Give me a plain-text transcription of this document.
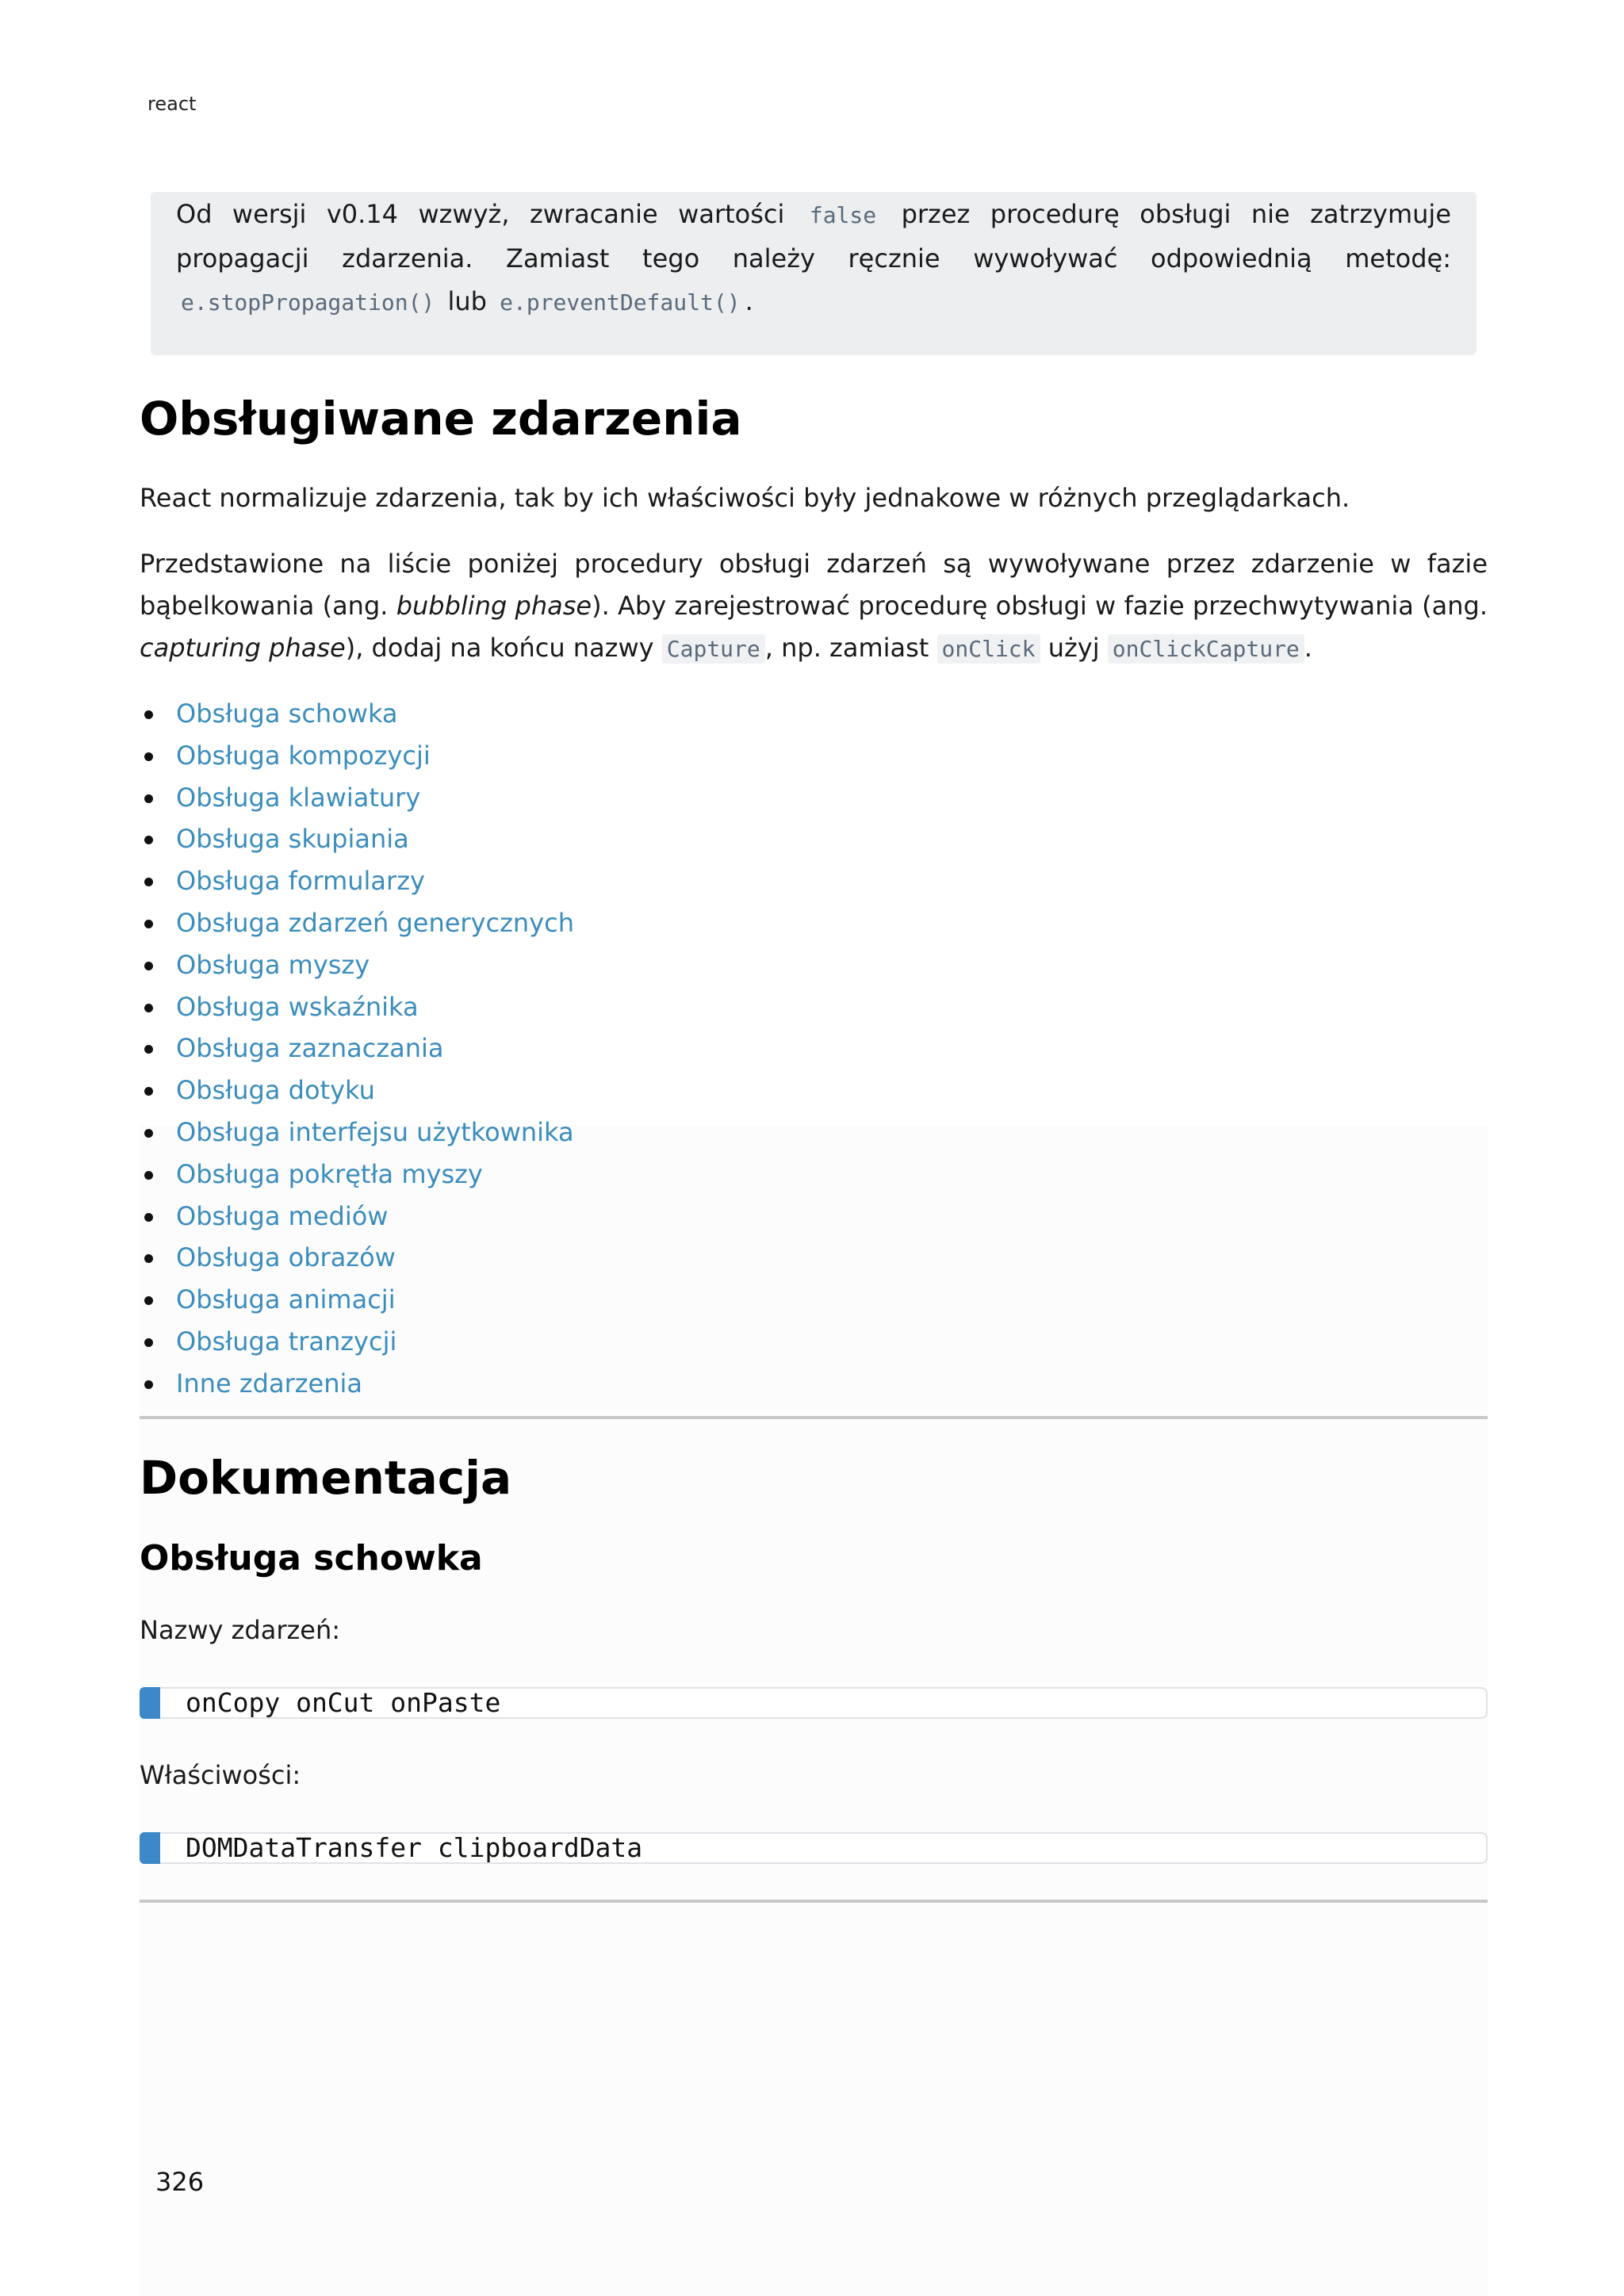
react

Od wersji v0.14 wzwyż, zwracanie wartości false przez procedurę obsługi nie zatrzymuje propagacji zdarzenia. Zamiast tego należy ręcznie wywoływać odpowiednią metodę: e.stopPropagation() lub e.preventDefault() .

Obsługiwane zdarzenia

React normalizuje zdarzenia, tak by ich właściwości były jednakowe w różnych przeglądarkach.

Przedstawione na liście poniżej procedury obsługi zdarzeń są wywoływane przez zdarzenie w fazie bąbelkowania (ang. bubbling phase). Aby zarejestrować procedurę obsługi w fazie przechwytywania (ang. capturing phase), dodaj na końcu nazwy Capture , np. zamiast onClick użyj onClickCapture .

Obsługa schowka
Obsługa kompozycji
Obsługa klawiatury
Obsługa skupiania
Obsługa formularzy
Obsługa zdarzeń generycznych
Obsługa myszy
Obsługa wskaźnika
Obsługa zaznaczania
Obsługa dotyku
Obsługa interfejsu użytkownika
Obsługa pokrętła myszy
Obsługa mediów
Obsługa obrazów
Obsługa animacji
Obsługa tranzycji
Inne zdarzenia
Dokumentacja
Obsługa schowka

Nazwy zdarzeń:

onCopy onCut onPaste

Właściwości:

DOMDataTransfer clipboardData
326
